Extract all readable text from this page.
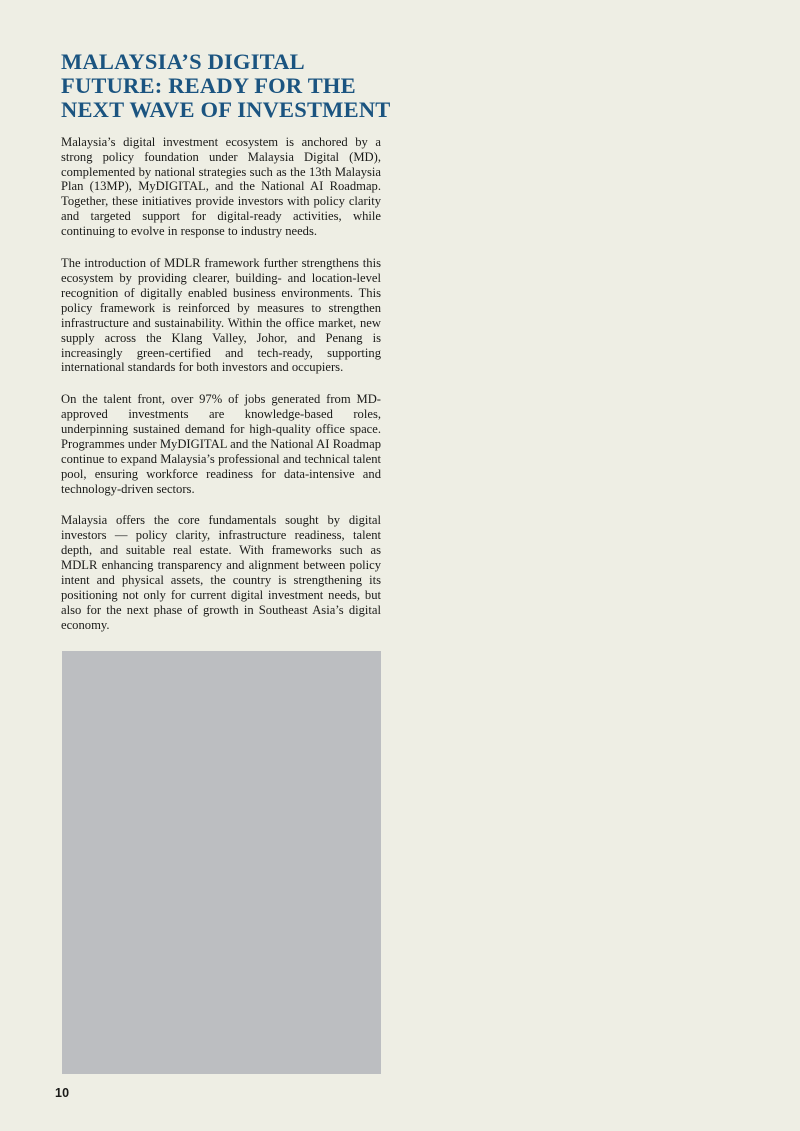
MALAYSIA’S DIGITAL
FUTURE: READY FOR THE
NEXT WAVE OF INVESTMENT

Malaysia’s digital investment ecosystem is anchored by a strong policy foundation under Malaysia Digital (MD), complemented by national strategies such as the 13th Malaysia Plan (13MP), MyDIGITAL, and the National AI Roadmap. Together, these initiatives provide investors with policy clarity and targeted support for digital-ready activities, while continuing to evolve in response to industry needs.

The introduction of MDLR framework further strengthens this ecosystem by providing clearer, building- and location-level recognition of digitally enabled business environments. This policy framework is reinforced by measures to strengthen infrastructure and sustainability. Within the office market, new supply across the Klang Valley, Johor, and Penang is increasingly green-certified and tech-ready, supporting international standards for both investors and occupiers.

On the talent front, over 97% of jobs generated from MD-approved investments are knowledge-based roles, underpinning sustained demand for high-quality office space. Programmes under MyDIGITAL and the National AI Roadmap continue to expand Malaysia’s professional and technical talent pool, ensuring workforce readiness for data-intensive and technology-driven sectors.

Malaysia offers the core fundamentals sought by digital investors — policy clarity, infrastructure readiness, talent depth, and suitable real estate. With frameworks such as MDLR enhancing transparency and alignment between policy intent and physical assets, the country is strengthening its positioning not only for current digital investment needs, but also for the next phase of growth in Southeast Asia’s digital economy.

10
